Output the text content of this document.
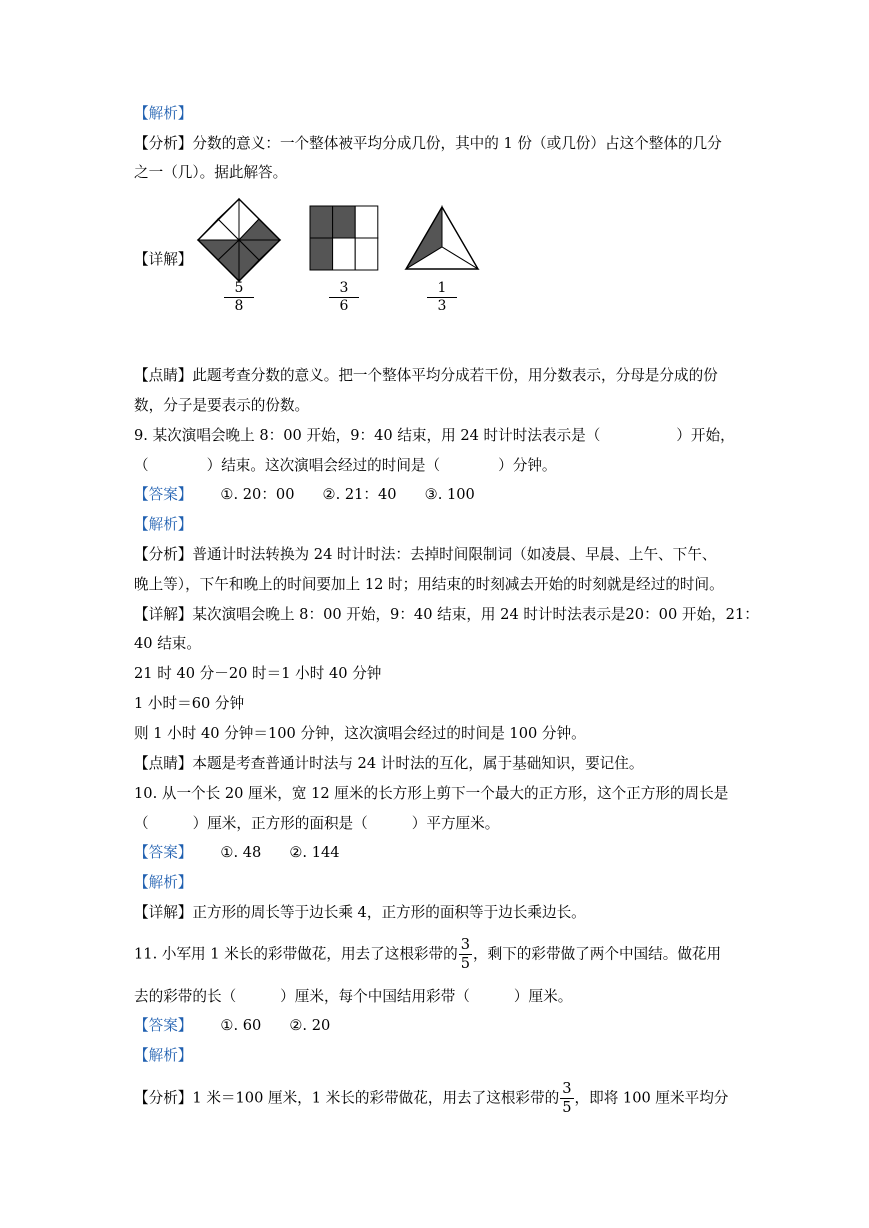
【解析】
【分析】分数的意义：一个整体被平均分成几份，其中的 1 份（或几份）占这个整体的几分
之一（几）。据此解答。
【详解】
5
8
3
6
1
3
【点睛】此题考查分数的意义。把一个整体平均分成若干份，用分数表示，分母是分成的份
数，分子是要表示的份数。
9. 某次演唱会晚上 8：00 开始，9：40 结束，用 24 时计时法表示是（	）开始，
（	）结束。这次演唱会经过的时间是（	）分钟。
【答案】 ①. 20：00 ②. 21：40 ③. 100
【解析】
【分析】普通计时法转换为 24 时计时法：去掉时间限制词（如凌晨、早晨、上午、下午、
晚上等），下午和晚上的时间要加上 12 时；用结束的时刻减去开始的时刻就是经过的时间。
【详解】某次演唱会晚上 8：00 开始，9：40 结束，用 24 时计时法表示是20：00 开始，21：
40 结束。
21 时 40 分－20 时＝1 小时 40 分钟
1 小时＝60 分钟
则 1 小时 40 分钟＝100 分钟，这次演唱会经过的时间是 100 分钟。
【点睛】本题是考查普通计时法与 24 计时法的互化，属于基础知识，要记住。
10. 从一个长 20 厘米，宽 12 厘米的长方形上剪下一个最大的正方形，这个正方形的周长是
（	）厘米，正方形的面积是（	）平方厘米。
【答案】 ①. 48 ②. 144
【解析】
【详解】正方形的周长等于边长乘 4，正方形的面积等于边长乘边长。
11. 小军用 1 米长的彩带做花，用去了这根彩带的 $\frac{3}{5}$ ，剩下的彩带做了两个中国结。做花用
去的彩带的长（	）厘米，每个中国结用彩带（	）厘米。
【答案】 ①. 60 ②. 20
【解析】
【分析】1 米＝100 厘米，1 米长的彩带做花，用去了这根彩带的 $\frac{3}{5}$ ，即将 100 厘米平均分
